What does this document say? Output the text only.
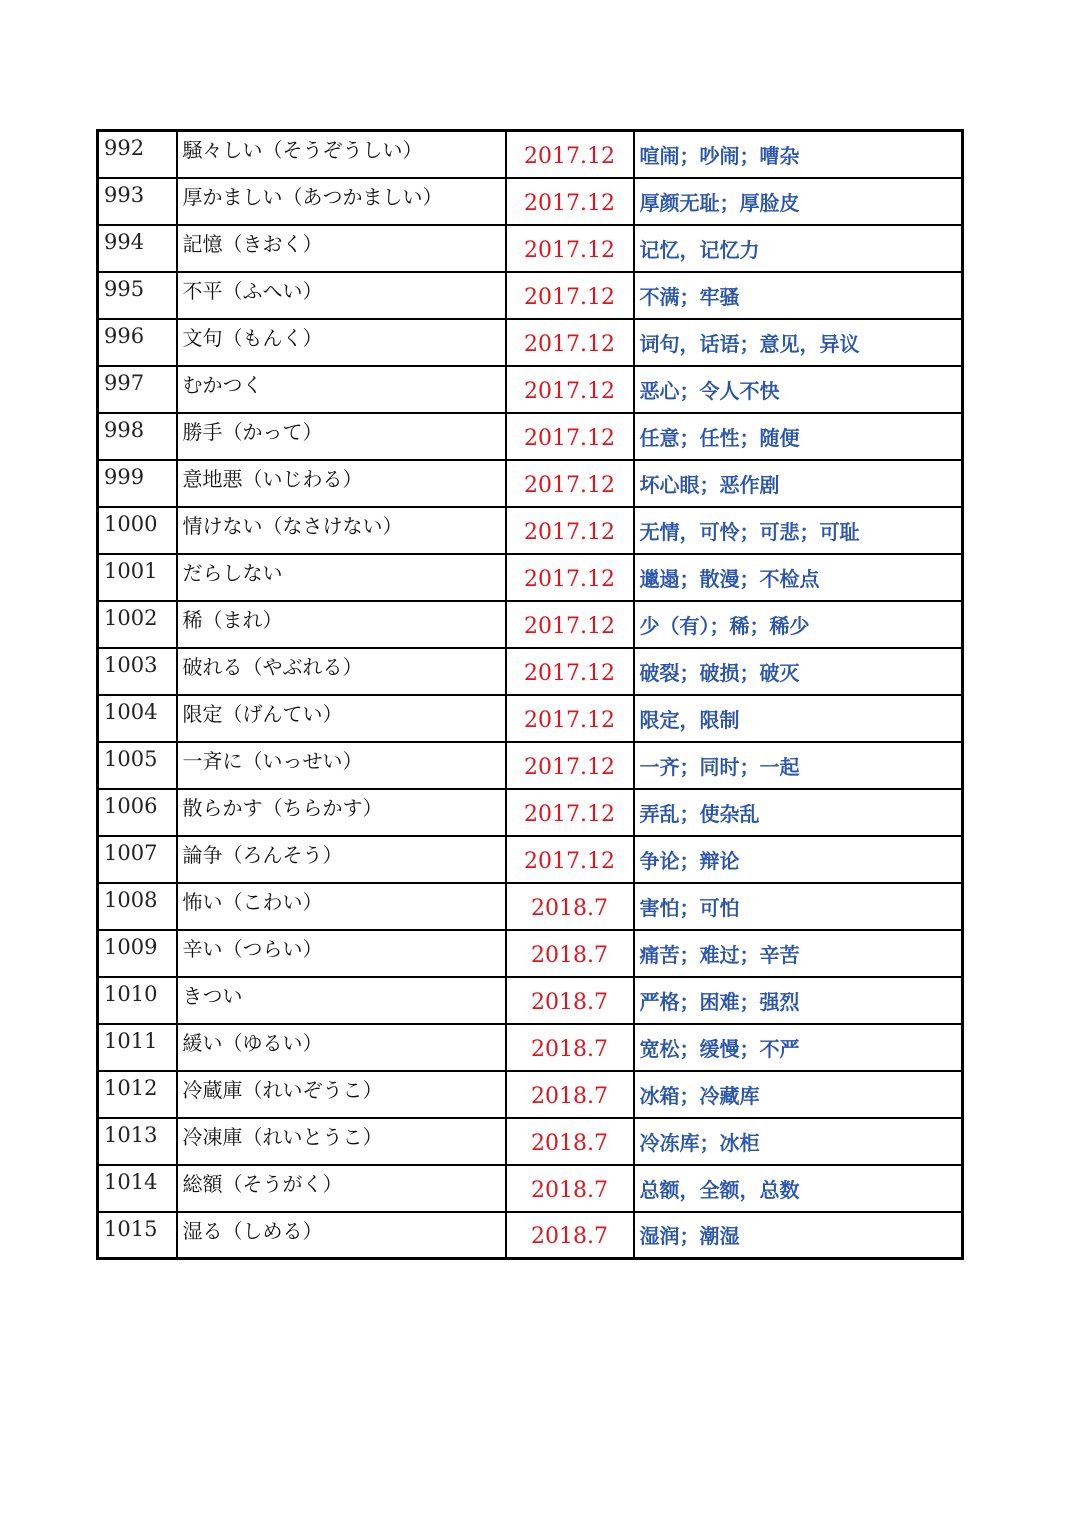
992	騒々しい（そうぞうしい）	2017.12	喧闹；吵闹；嘈杂
993	厚かましい（あつかましい）	2017.12	厚颜无耻；厚脸皮
994	記憶（きおく）	2017.12	记忆，记忆力
995	不平（ふへい）	2017.12	不满；牢骚
996	文句（もんく）	2017.12	词句，话语；意见，异议
997	むかつく	2017.12	恶心；令人不快
998	勝手（かって）	2017.12	任意；任性；随便
999	意地悪（いじわる）	2017.12	坏心眼；恶作剧
1000	情けない（なさけない）	2017.12	无情，可怜；可悲；可耻
1001	だらしない	2017.12	邋遢；散漫；不检点
1002	稀（まれ）	2017.12	少（有）；稀；稀少
1003	破れる（やぶれる）	2017.12	破裂；破损；破灭
1004	限定（げんてい）	2017.12	限定，限制
1005	一斉に（いっせい）	2017.12	一齐；同时；一起
1006	散らかす（ちらかす）	2017.12	弄乱；使杂乱
1007	論争（ろんそう）	2017.12	争论；辩论
1008	怖い（こわい）	2018.7	害怕；可怕
1009	辛い（つらい）	2018.7	痛苦；难过；辛苦
1010	きつい	2018.7	严格；困难；强烈
1011	緩い（ゆるい）	2018.7	宽松；缓慢；不严
1012	冷蔵庫（れいぞうこ）	2018.7	冰箱；冷藏库
1013	冷凍庫（れいとうこ）	2018.7	冷冻库；冰柜
1014	総額（そうがく）	2018.7	总额，全额，总数
1015	湿る（しめる）	2018.7	湿润；潮湿
